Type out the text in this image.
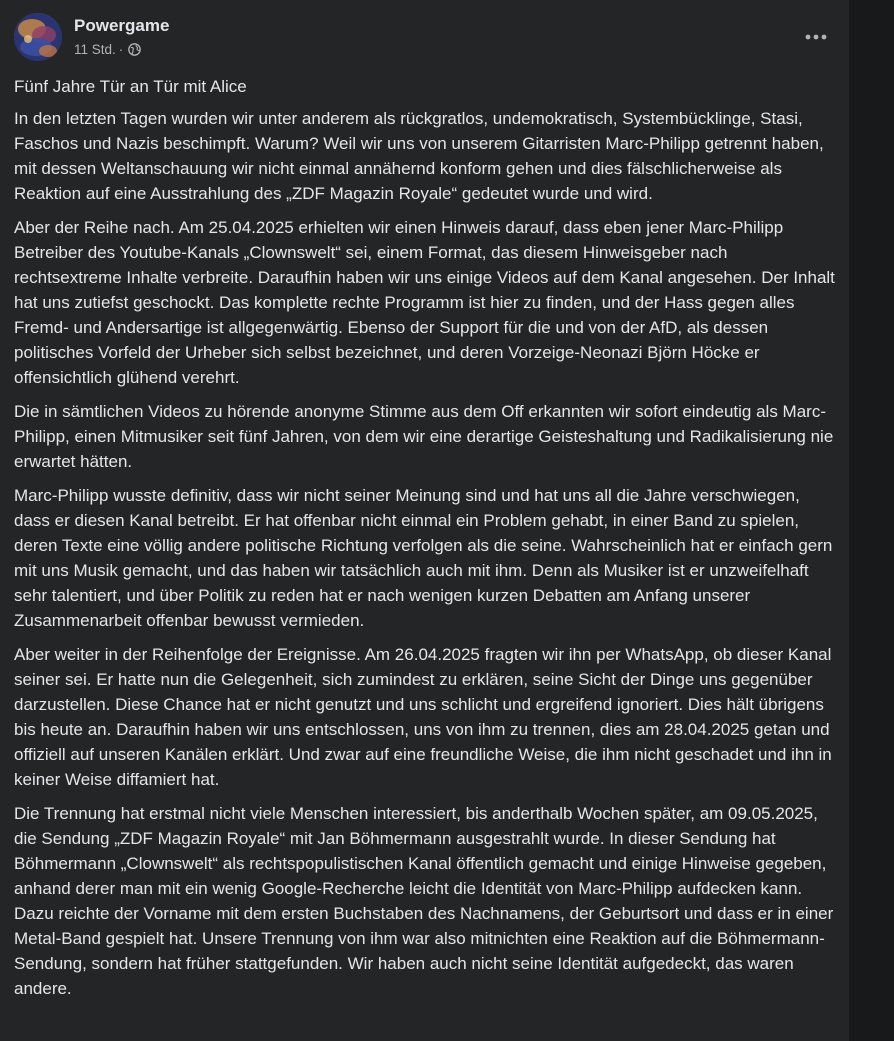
Powergame
11 Std. ·

Fünf Jahre Tür an Tür mit Alice

In den letzten Tagen wurden wir unter anderem als rückgratlos, undemokratisch, Systembücklinge, Stasi, Faschos und Nazis beschimpft. Warum? Weil wir uns von unserem Gitarristen Marc-Philipp getrennt haben, mit dessen Weltanschauung wir nicht einmal annähernd konform gehen und dies fälschlicherweise als Reaktion auf eine Ausstrahlung des „ZDF Magazin Royale“ gedeutet wurde und wird.

Aber der Reihe nach. Am 25.04.2025 erhielten wir einen Hinweis darauf, dass eben jener Marc-Philipp Betreiber des Youtube-Kanals „Clownswelt“ sei, einem Format, das diesem Hinweisgeber nach rechtsextreme Inhalte verbreite. Daraufhin haben wir uns einige Videos auf dem Kanal angesehen. Der Inhalt hat uns zutiefst geschockt. Das komplette rechte Programm ist hier zu finden, und der Hass gegen alles Fremd- und Andersartige ist allgegenwärtig. Ebenso der Support für die und von der AfD, als dessen politisches Vorfeld der Urheber sich selbst bezeichnet, und deren Vorzeige-Neonazi Björn Höcke er offensichtlich glühend verehrt.

Die in sämtlichen Videos zu hörende anonyme Stimme aus dem Off erkannten wir sofort eindeutig als Marc-Philipp, einen Mitmusiker seit fünf Jahren, von dem wir eine derartige Geisteshaltung und Radikalisierung nie erwartet hätten.

Marc-Philipp wusste definitiv, dass wir nicht seiner Meinung sind und hat uns all die Jahre verschwiegen, dass er diesen Kanal betreibt. Er hat offenbar nicht einmal ein Problem gehabt, in einer Band zu spielen, deren Texte eine völlig andere politische Richtung verfolgen als die seine. Wahrscheinlich hat er einfach gern mit uns Musik gemacht, und das haben wir tatsächlich auch mit ihm. Denn als Musiker ist er unzweifelhaft sehr talentiert, und über Politik zu reden hat er nach wenigen kurzen Debatten am Anfang unserer Zusammenarbeit offenbar bewusst vermieden.

Aber weiter in der Reihenfolge der Ereignisse. Am 26.04.2025 fragten wir ihn per WhatsApp, ob dieser Kanal seiner sei. Er hatte nun die Gelegenheit, sich zumindest zu erklären, seine Sicht der Dinge uns gegenüber darzustellen. Diese Chance hat er nicht genutzt und uns schlicht und ergreifend ignoriert. Dies hält übrigens bis heute an. Daraufhin haben wir uns entschlossen, uns von ihm zu trennen, dies am 28.04.2025 getan und offiziell auf unseren Kanälen erklärt. Und zwar auf eine freundliche Weise, die ihm nicht geschadet und ihn in keiner Weise diffamiert hat.

Die Trennung hat erstmal nicht viele Menschen interessiert, bis anderthalb Wochen später, am 09.05.2025, die Sendung „ZDF Magazin Royale“ mit Jan Böhmermann ausgestrahlt wurde. In dieser Sendung hat Böhmermann „Clownswelt“ als rechtspopulistischen Kanal öffentlich gemacht und einige Hinweise gegeben, anhand derer man mit ein wenig Google-Recherche leicht die Identität von Marc-Philipp aufdecken kann. Dazu reichte der Vorname mit dem ersten Buchstaben des Nachnamens, der Geburtsort und dass er in einer Metal-Band gespielt hat. Unsere Trennung von ihm war also mitnichten eine Reaktion auf die Böhmermann-Sendung, sondern hat früher stattgefunden. Wir haben auch nicht seine Identität aufgedeckt, das waren andere.
